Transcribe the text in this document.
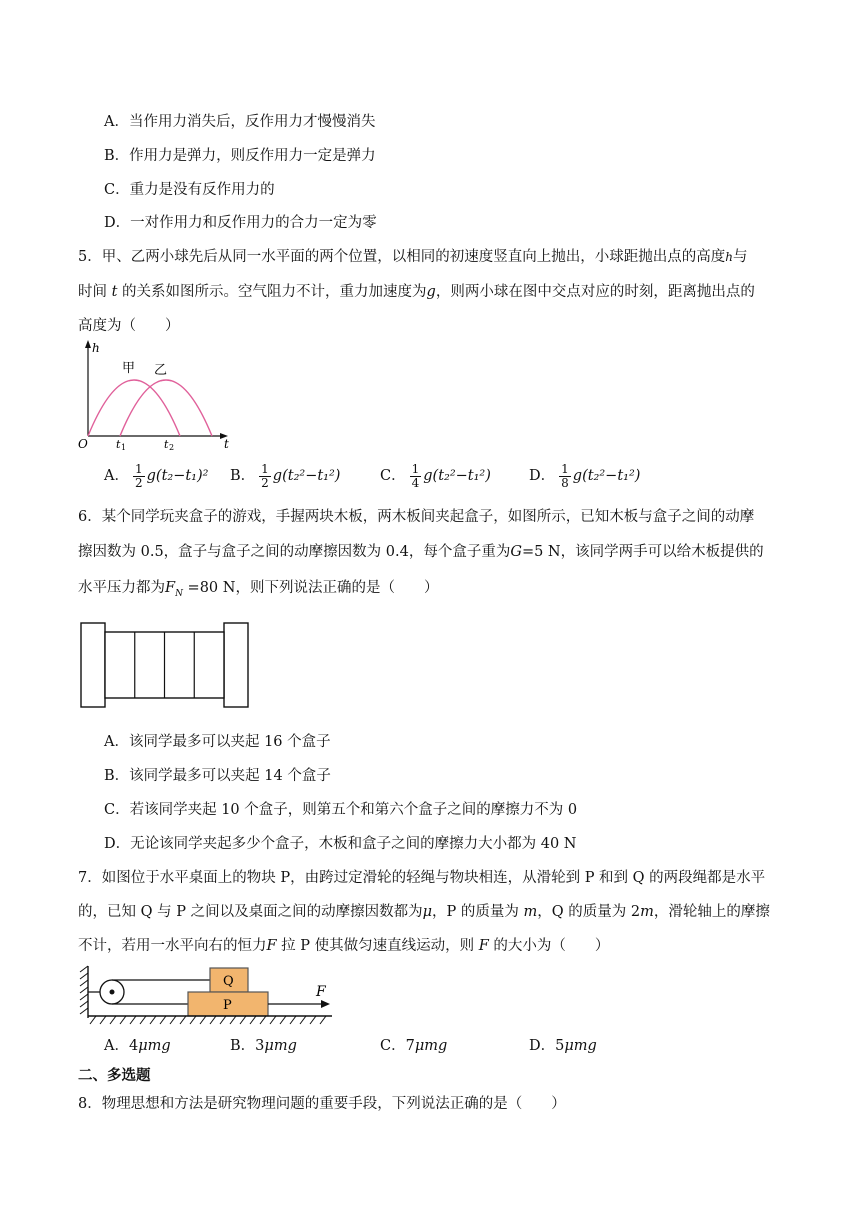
A．当作用力消失后，反作用力才慢慢消失
B．作用力是弹力，则反作用力一定是弹力
C．重力是没有反作用力的
D．一对作用力和反作用力的合力一定为零
5．甲、乙两小球先后从同一水平面的两个位置，以相同的初速度竖直向上抛出，小球距抛出点的高度h与
时间 t 的关系如图所示。空气阻力不计，重力加速度为g，则两小球在图中交点对应的时刻，距离抛出点的
高度为（　　）
h
t
O	t 1	t 2
甲 乙
A． $\frac{1}{2} g(t_2-t_1)^2$ B． $\frac{1}{2} g(t_2^2-t_1^2)$	C． $\frac{1}{4} g(t_2^2-t_1^2)$	D． $\frac{1}{8} g(t_2^2-t_1^2)$
6．某个同学玩夹盒子的游戏，手握两块木板，两木板间夹起盒子，如图所示，已知木板与盒子之间的动摩
擦因数为 0.5，盒子与盒子之间的动摩擦因数为 0.4，每个盒子重为G=5 N，该同学两手可以给木板提供的
水平压力都为$F_N =80$ N，则下列说法正确的是（　　）
A．该同学最多可以夹起 16 个盒子
B．该同学最多可以夹起 14 个盒子
C．若该同学夹起 10 个盒子，则第五个和第六个盒子之间的摩擦力不为 0
D．无论该同学夹起多少个盒子，木板和盒子之间的摩擦力大小都为 40 N
7．如图位于水平桌面上的物块 P，由跨过定滑轮的轻绳与物块相连，从滑轮到 P 和到 Q 的两段绳都是水平
的，已知 Q 与 P 之间以及桌面之间的动摩擦因数都为μ，P 的质量为 m，Q 的质量为 2m，滑轮轴上的摩擦
不计，若用一水平向右的恒力F 拉 P 使其做匀速直线运动，则 F 的大小为（　　）
Q
P
F
A．4μmg	B．3μmg	C．7μmg	D．5μmg
二、多选题
8．物理思想和方法是研究物理问题的重要手段，下列说法正确的是（　　）
